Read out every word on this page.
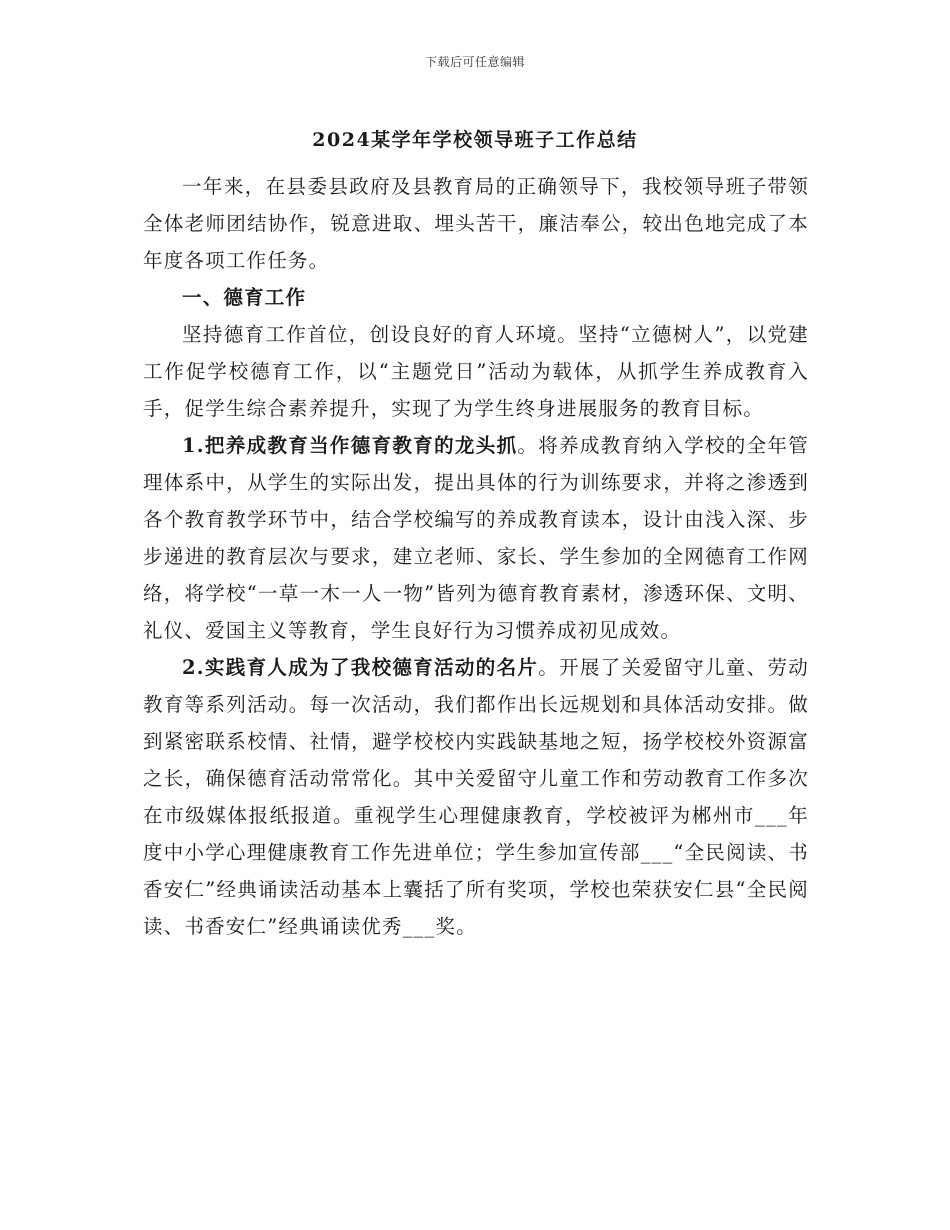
下载后可任意编辑
2024某学年学校领导班子工作总结

一年来，在县委县政府及县教育局的正确领导下，我校领导班子带领全体老师团结协作，锐意进取、埋头苦干，廉洁奉公，较出色地完成了本年度各项工作任务。

一、德育工作

坚持德育工作首位，创设良好的育人环境。坚持“立德树人”，以党建工作促学校德育工作，以“主题党日”活动为载体，从抓学生养成教育入手，促学生综合素养提升，实现了为学生终身进展服务的教育目标。

1.把养成教育当作德育教育的龙头抓。将养成教育纳入学校的全年管理体系中，从学生的实际出发，提出具体的行为训练要求，并将之渗透到各个教育教学环节中，结合学校编写的养成教育读本，设计由浅入深、步步递进的教育层次与要求，建立老师、家长、学生参加的全网德育工作网络，将学校“一草一木一人一物”皆列为德育教育素材，渗透环保、文明、礼仪、爱国主义等教育，学生良好行为习惯养成初见成效。

2.实践育人成为了我校德育活动的名片。开展了关爱留守儿童、劳动教育等系列活动。每一次活动，我们都作出长远规划和具体活动安排。做到紧密联系校情、社情，避学校校内实践缺基地之短，扬学校校外资源富之长，确保德育活动常常化。其中关爱留守儿童工作和劳动教育工作多次在市级媒体报纸报道。重视学生心理健康教育，学校被评为郴州市___年度中小学心理健康教育工作先进单位；学生参加宣传部___“全民阅读、书香安仁”经典诵读活动基本上囊括了所有奖项，学校也荣获安仁县“全民阅读、书香安仁”经典诵读优秀___奖。
